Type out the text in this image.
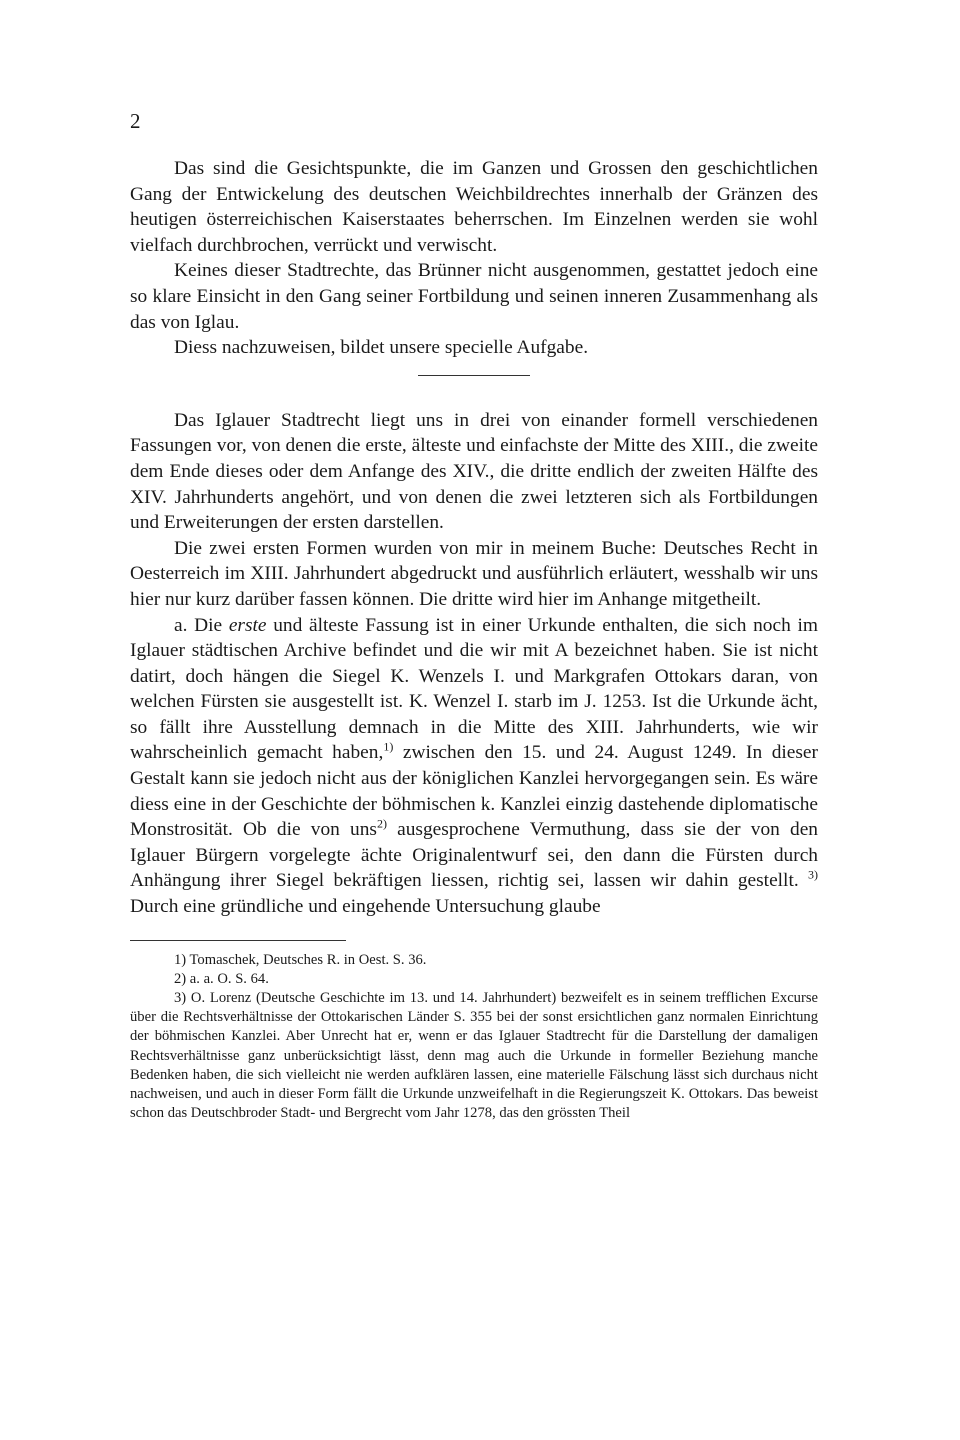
2

Das sind die Gesichtspunkte, die im Ganzen und Grossen den geschichtlichen Gang der Entwickelung des deutschen Weichbildrechtes innerhalb der Gränzen des heutigen österreichischen Kaiserstaates beherrschen. Im Einzelnen werden sie wohl vielfach durchbrochen, verrückt und verwischt.

Keines dieser Stadtrechte, das Brünner nicht ausgenommen, gestattet jedoch eine so klare Einsicht in den Gang seiner Fortbildung und seinen inneren Zusammenhang als das von Iglau.

Diess nachzuweisen, bildet unsere specielle Aufgabe.

Das Iglauer Stadtrecht liegt uns in drei von einander formell verschiedenen Fassungen vor, von denen die erste, älteste und einfachste der Mitte des XIII., die zweite dem Ende dieses oder dem Anfange des XIV., die dritte endlich der zweiten Hälfte des XIV. Jahrhunderts angehört, und von denen die zwei letzteren sich als Fortbildungen und Erweiterungen der ersten darstellen.

Die zwei ersten Formen wurden von mir in meinem Buche: Deutsches Recht in Oesterreich im XIII. Jahrhundert abgedruckt und ausführlich erläutert, wesshalb wir uns hier nur kurz darüber fassen können. Die dritte wird hier im Anhange mitgetheilt.

a. Die erste und älteste Fassung ist in einer Urkunde enthalten, die sich noch im Iglauer städtischen Archive befindet und die wir mit A bezeichnet haben. Sie ist nicht datirt, doch hängen die Siegel K. Wenzels I. und Markgrafen Ottokars daran, von welchen Fürsten sie ausgestellt ist. K. Wenzel I. starb im J. 1253. Ist die Urkunde ächt, so fällt ihre Ausstellung demnach in die Mitte des XIII. Jahrhunderts, wie wir wahrscheinlich gemacht haben,$^{1)}$ zwischen den 15. und 24. August 1249. In dieser Gestalt kann sie jedoch nicht aus der königlichen Kanzlei hervorgegangen sein. Es wäre diess eine in der Geschichte der böhmischen k. Kanzlei einzig dastehende diplomatische Monstrosität. Ob die von uns$^{2)}$ ausgesprochene Vermuthung, dass sie der von den Iglauer Bürgern vorgelegte ächte Originalentwurf sei, den dann die Fürsten durch Anhängung ihrer Siegel bekräftigen liessen, richtig sei, lassen wir dahin gestellt. $^{3)}$ Durch eine gründliche und eingehende Untersuchung glaube

1) Tomaschek, Deutsches R. in Oest. S. 36.

2) a. a. O. S. 64.

3) O. Lorenz (Deutsche Geschichte im 13. und 14. Jahrhundert) bezweifelt es in seinem trefflichen Excurse über die Rechtsverhältnisse der Ottokarischen Länder S. 355 bei der sonst ersichtlichen ganz normalen Einrichtung der böhmischen Kanzlei. Aber Unrecht hat er, wenn er das Iglauer Stadtrecht für die Darstellung der damaligen Rechtsverhältnisse ganz unberücksichtigt lässt, denn mag auch die Urkunde in formeller Beziehung manche Bedenken haben, die sich vielleicht nie werden aufklären lassen, eine materielle Fälschung lässt sich durchaus nicht nachweisen, und auch in dieser Form fällt die Urkunde unzweifelhaft in die Regierungszeit K. Ottokars. Das beweist schon das Deutschbroder Stadt- und Bergrecht vom Jahr 1278, das den grössten Theil
